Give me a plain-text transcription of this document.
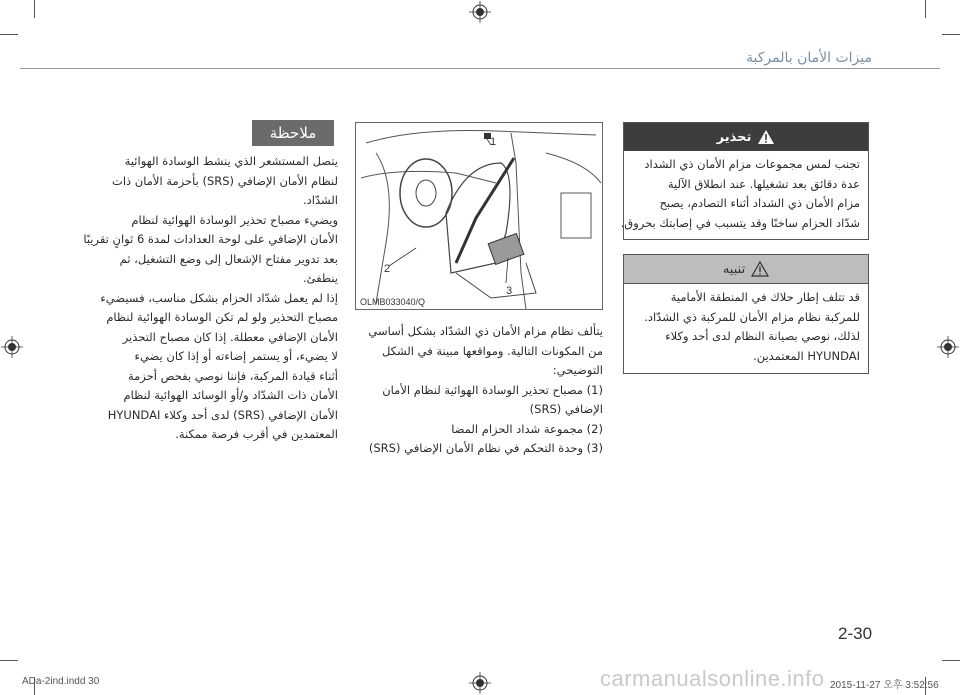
ميزات الأمان بالمركبة
تحذير
تجنب لمس مجموعات مزام الأمان ذي الشداد
عدة دقائق بعد تشغيلها. عند انطلاق الآلية
مزام الأمان ذي الشداد أثناء التصادم، يصبح
شدّاد الحزام ساخنًا وقد يتسبب في إصابتك بحروق.
تنبيه
قد تتلف إطار حلاك في المنطقة الأمامية
للمركبة نظام مزام الأمان للمركبة ذي الشدّاد.
لذلك، نوصي بصيانة النظام لدى أحد وكلاء
HYUNDAI المعتمدين.
1
2
3
OLMB033040/Q
يتألف نظام مزام الأمان ذي الشدّاد بشكل أساسي
من المكونات التالية. ومواقعها مبينة في الشكل
التوضيحي:
(1) مصباح تحذير الوسادة الهوائية لنظام الأمان
الإضافي (SRS)
(2) مجموعة شداد الحزام المضا
(3) وحدة التحكم في نظام الأمان الإضافي (SRS)
ملاحظة
يتصل المستشعر الذي ينشط الوسادة الهوائية
لنظام الأمان الإضافي (SRS) بأحزمة الأمان ذات
الشدّاد.
ويضيء مصباح تحذير الوسادة الهوائية لنظام
الأمان الإضافي على لوحة العدادات لمدة 6 ثوانٍ تقريبًا
بعد تدوير مفتاح الإشعال إلى وضع التشغيل، ثم
ينطفئ.
إذا لم يعمل شدّاد الحزام بشكل مناسب، فسيضيء
مصباح التحذير ولو لم تكن الوسادة الهوائية لنظام
الأمان الإضافي معطلة. إذا كان مصباح التحذير
لا يضيء، أو يستمر إضاءته أو إذا كان يضيء
أثناء قيادة المركبة، فإننا نوصي بفحص أحزمة
الأمان ذات الشدّاد و/أو الوسائد الهوائية لنظام
الأمان الإضافي (SRS) لدى أحد وكلاء HYUNDAI
المعتمدين في أقرب فرصة ممكنة.
2-30
carmanualsonline.info
ADa-2ind.indd 30	2015-11-27 오후 3:52:56
